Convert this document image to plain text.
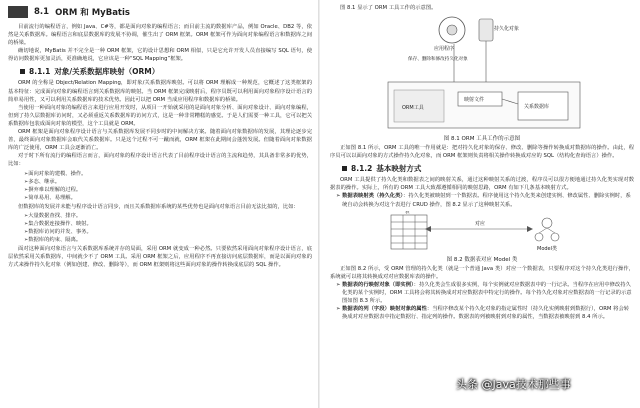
8.1 ORM 和 MyBatis

目前流行的编程语言，例如 Java、C#等，都是面向对象的编程语言；而目前主流的数据库产品，例如 Oracle、DB2 等，依然是关系数据库。编程语言和底层数据库的发展不协调，催生出了 ORM 框架。ORM 框架可作为面向对象编程语言和数据库之间的桥梁。

确切地说，MyBatis 并不完全是一种 ORM 框架，它的设计思想和 ORM 相似，只是它允许开发人员直接编写 SQL 语句，使得访问数据库更加灵活，更准确地说，它应该是一种“SQL Mapping”框架。

8.1.1 对象/关系数据库映射（ORM）

ORM 的全称是 Object/Relation Mapping，即对象/关系数据库映射。可以将 ORM 理解成一种规范，它概述了这类框架的基本特征：完成面向对象的编程语言到关系数据库的映射。当 ORM 框架完成映射后，程序员既可以利用面向对象程序设计语言的简单易用性，又可以利用关系数据库的技术优势。因此可以把 ORM 当成应用程序和数据库的桥梁。

当使用一种面向对象的编程语言来进行应用开发时，从项目一开始就采用的是面向对象分析、面向对象设计、面向对象编程，但到了持久层数据库访问时，又必须重返关系数据库的访问方式，这是一种非常糟糕的感觉。于是人们需要一种工具，它可以把关系数据库包装成面向对象的模型，这个工具就是 ORM。

ORM 框架是面向对象程序设计语言与关系数据库发展不同步时的中间解决方案。随着面向对象数据库的发展，其理论逐步完善，最终面向对象数据库会取代关系数据库。只是这个过程不可一蹴而就，ORM 框架在此期间会蓬勃发展。但随着面向对象数据库的广泛使用，ORM 工具会逐渐消亡。

对于时下所有流行的编程语言而言，面向对象的程序设计语言代表了目前程序设计语言的主流和趋势，其具备非常多的优势，比如：

➢ 面向对象的建模、操作。
➢ 多态、继承。
➢ 摒弃难以理解的过程。
➢ 简单易用、易理解。

但数据库的发展并未能与程序设计语言同步，而且关系数据库系统的某些优势也是面向对象语言目前无法比拟的，比如：

➢ 大量数据查找、排序。
➢ 集合数据连接操作、映射。
➢ 数据库访问的并发、事务。
➢ 数据库的约束、隔离。

面对这种面向对象语言与关系数据库系统并存的局面，采用 ORM 就变成一种必然。只要依然采用面向对象程序设计语言，底层依然采用关系数据库，中间就少不了 ORM 工具。采用 ORM 框架之后，应用程序不再直接访问底层数据库，而是以面向对象的方式来操作持久化对象（例如创建、修改、删除等），而 ORM 框架则将这些面向对象的操作转换成底层的 SQL 操作。

图 8.1 显示了 ORM 工具工作的示意图。

持久化对象
应用程序
保存、删除和修改持久化对象
ORM工具
映射文件
关系数据库
图 8.1 ORM 工具工作的示意图

正如图 8.1 所示，ORM 工具的唯一作用就是：把对持久化对象的保存、修改、删除等操作转换成对数据库的操作。由此，程序员可以以面向对象的方式操作持久化对象，而 ORM 框架则负责将相关操作转换成对应的 SQL（结构化查询语言）操作。

8.1.2 基本映射方式

ORM 工具提供了持久化类和数据表之间的映射关系，通过这种映射关系的过渡，程序员可以很方便地通过持久化类实现对数据表的操作。实际上，所有的 ORM 工具大致都遵循相同的映射思路，ORM 有如下几条基本映射方式。

➢ 数据表映射类（持久化类）：持久化类被映射到一个数据表。程序使用这个持久化类来创建实例、修改属性、删除实例时，系统自动会转换为对这个表进行 CRUD 操作，图 8.2 显示了这种映射关系。

表
对应
Model类
图 8.2 数据表对应 Model 类

正如图 8.2 所示，受 ORM 管理的持久化类（就是一个普通 Java 类）对应一个数据表，只要程序对这个持久化类进行操作，系统就可以将其转换成对对应数据库表的操作。

➢ 数据表的行映射对象（即实例）：持久化类会生成很多实例，每个实例就对应数据表中的一行记录。当程序在应用中修改持久化类的某个实例时，ORM 工具将会将其转换成对对应数据表中特定行的操作。每个持久化对象对应数据表的一行记录的示意图如图 8.3 所示。

➢ 数据表的列（字段）映射对象的属性：当程序修改某个持久化对象的指定属性时（持久化实例映射到数据行），ORM 将会转换成对对应数据表中指定数据行、指定列的操作。数据表的列被映射到对象的属性，当数据表被映射到 8.4 所示。

头条 @Java技术那些事
